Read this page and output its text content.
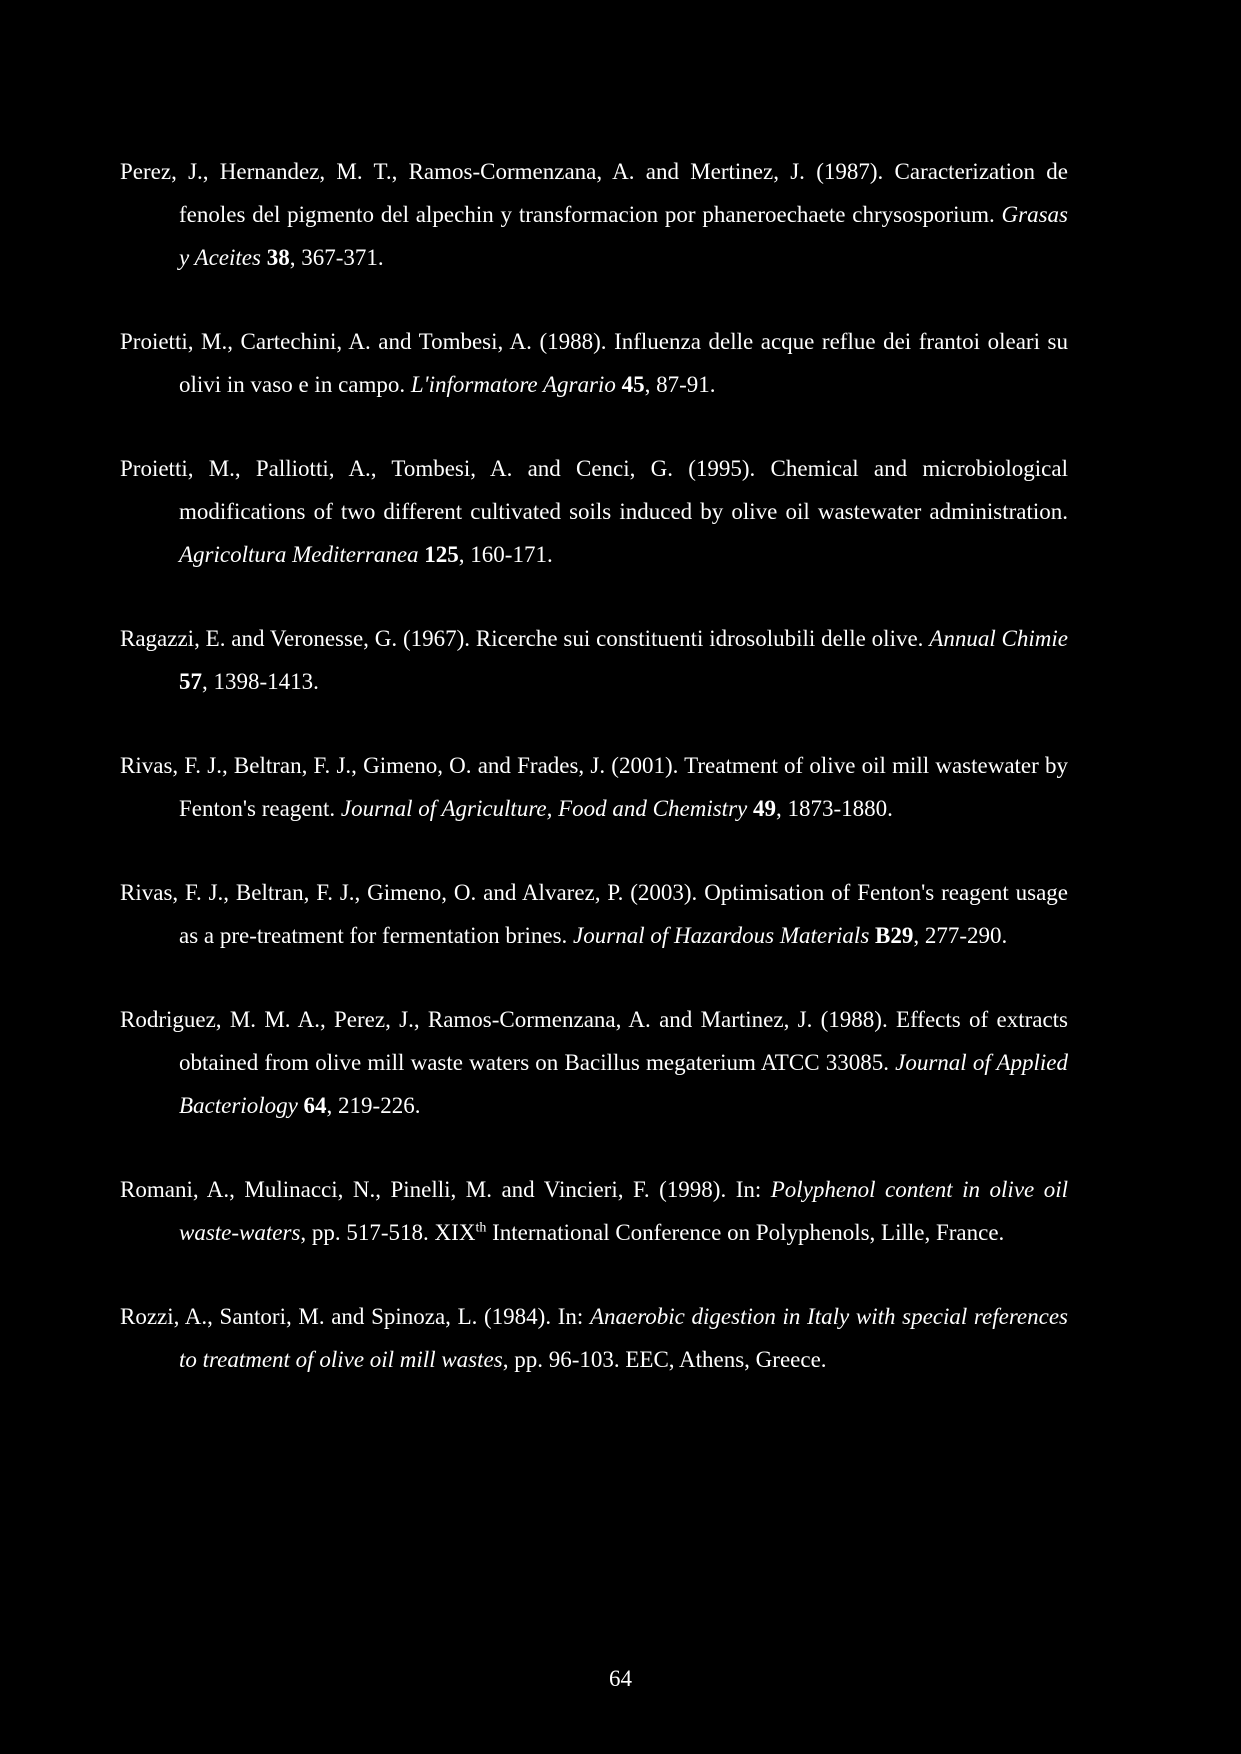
Perez, J., Hernandez, M. T., Ramos-Cormenzana, A. and Mertinez, J. (1987). Caracterization de fenoles del pigmento del alpechin y transformacion por phaneroechaete chrysosporium. Grasas y Aceites 38, 367-371.

Proietti, M., Cartechini, A. and Tombesi, A. (1988). Influenza delle acque reflue dei frantoi oleari su olivi in vaso e in campo. L'informatore Agrario 45, 87-91.

Proietti, M., Palliotti, A., Tombesi, A. and Cenci, G. (1995). Chemical and microbiological modifications of two different cultivated soils induced by olive oil wastewater administration. Agricoltura Mediterranea 125, 160-171.

Ragazzi, E. and Veronesse, G. (1967). Ricerche sui constituenti idrosolubili delle olive. Annual Chimie 57, 1398-1413.

Rivas, F. J., Beltran, F. J., Gimeno, O. and Frades, J. (2001). Treatment of olive oil mill wastewater by Fenton's reagent. Journal of Agriculture, Food and Chemistry 49, 1873-1880.

Rivas, F. J., Beltran, F. J., Gimeno, O. and Alvarez, P. (2003). Optimisation of Fenton's reagent usage as a pre-treatment for fermentation brines. Journal of Hazardous Materials B29, 277-290.

Rodriguez, M. M. A., Perez, J., Ramos-Cormenzana, A. and Martinez, J. (1988). Effects of extracts obtained from olive mill waste waters on Bacillus megaterium ATCC 33085. Journal of Applied Bacteriology 64, 219-226.

Romani, A., Mulinacci, N., Pinelli, M. and Vincieri, F. (1998). In: Polyphenol content in olive oil waste-waters, pp. 517-518. XIXth International Conference on Polyphenols, Lille, France.

Rozzi, A., Santori, M. and Spinoza, L. (1984). In: Anaerobic digestion in Italy with special references to treatment of olive oil mill wastes, pp. 96-103. EEC, Athens, Greece.

64
